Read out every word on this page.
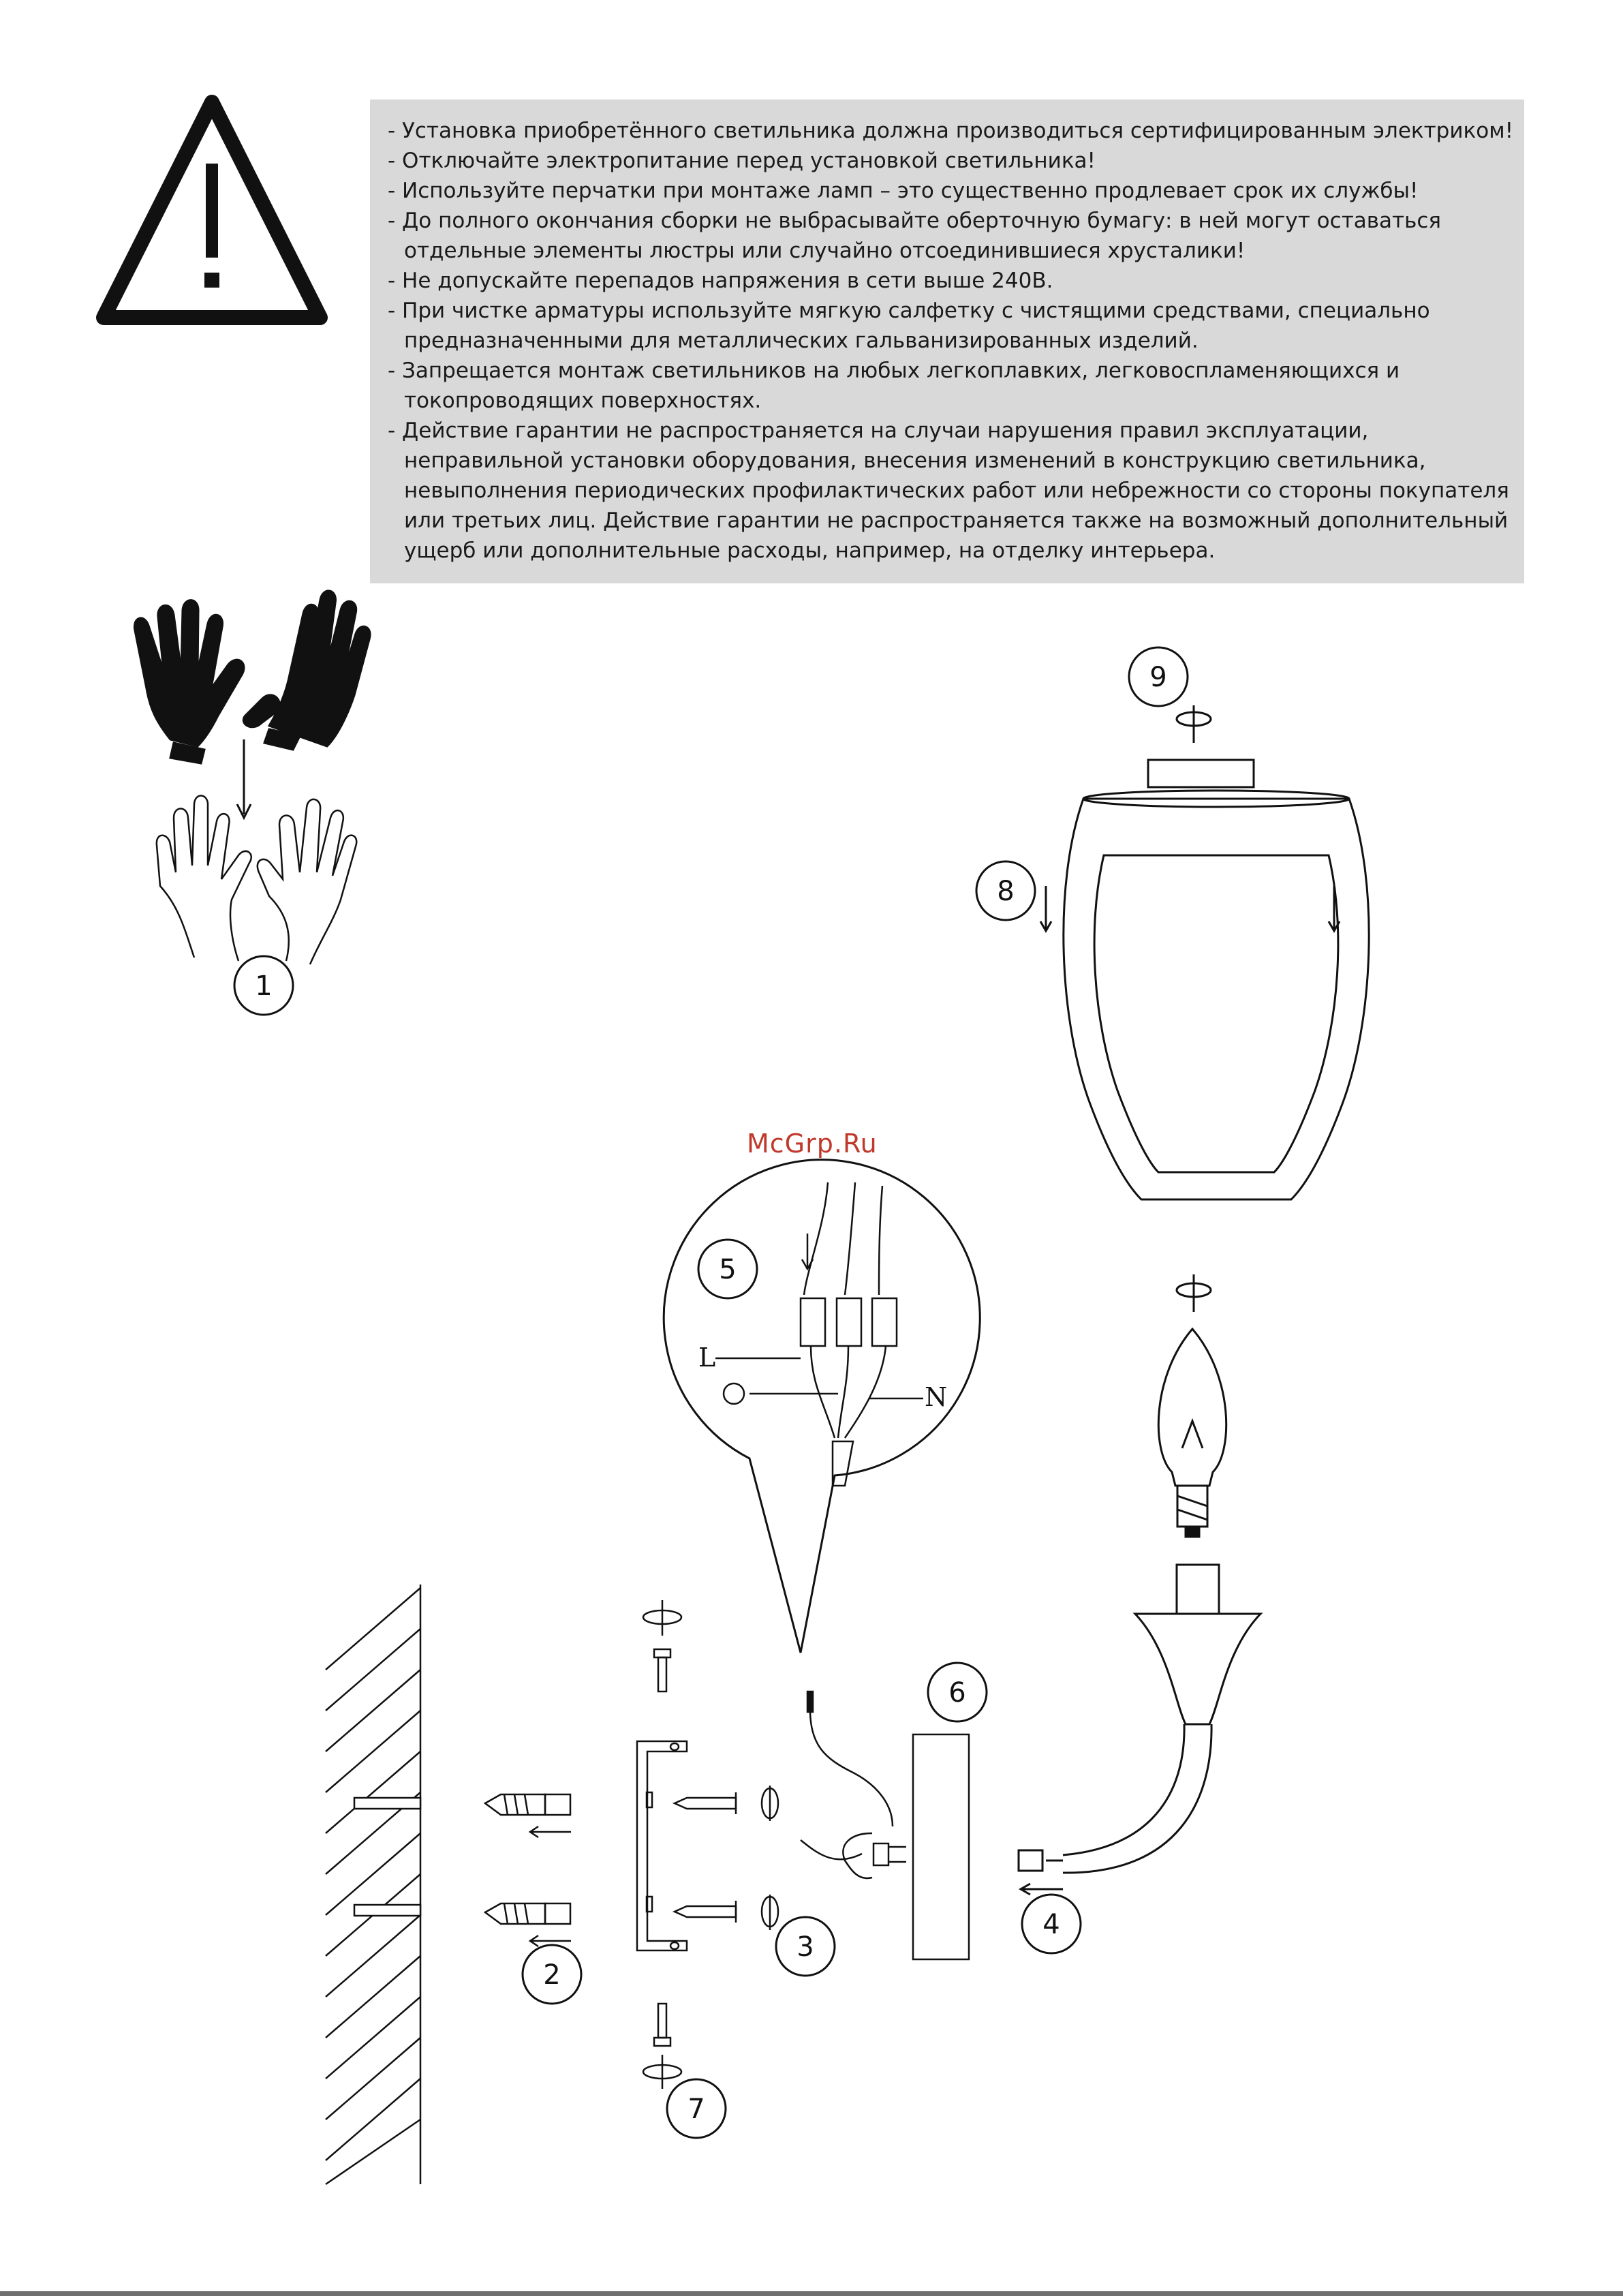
- Установка приобретённого светильника должна производиться сертифицированным электриком!

- Отключайте электропитание перед установкой светильника!

- Используйте перчатки при монтаже ламп – это существенно продлевает срок их службы!

- До полного окончания сборки не выбрасывайте оберточную бумагу: в ней могут оставаться

отдельные элементы люстры или случайно отсоединившиеся хрусталики!

- Не допускайте перепадов напряжения в сети выше 240В.

- При чистке арматуры используйте мягкую салфетку с чистящими средствами, специально

предназначенными для металлических гальванизированных изделий.

- Запрещается монтаж светильников на любых легкоплавких, легковоспламеняющихся и

токопроводящих поверхностях.

- Действие гарантии не распространяется на случаи нарушения правил эксплуатации,

неправильной установки оборудования, внесения изменений в конструкцию светильника,

невыполнения периодических профилактических работ или небрежности со стороны покупателя

или третьих лиц. Действие гарантии не распространяется также на возможный дополнительный

ущерб или дополнительные расходы, например, на отделку интерьера.

1
2
3
4
5
6
7
8
9
L
N
McGrp.Ru
